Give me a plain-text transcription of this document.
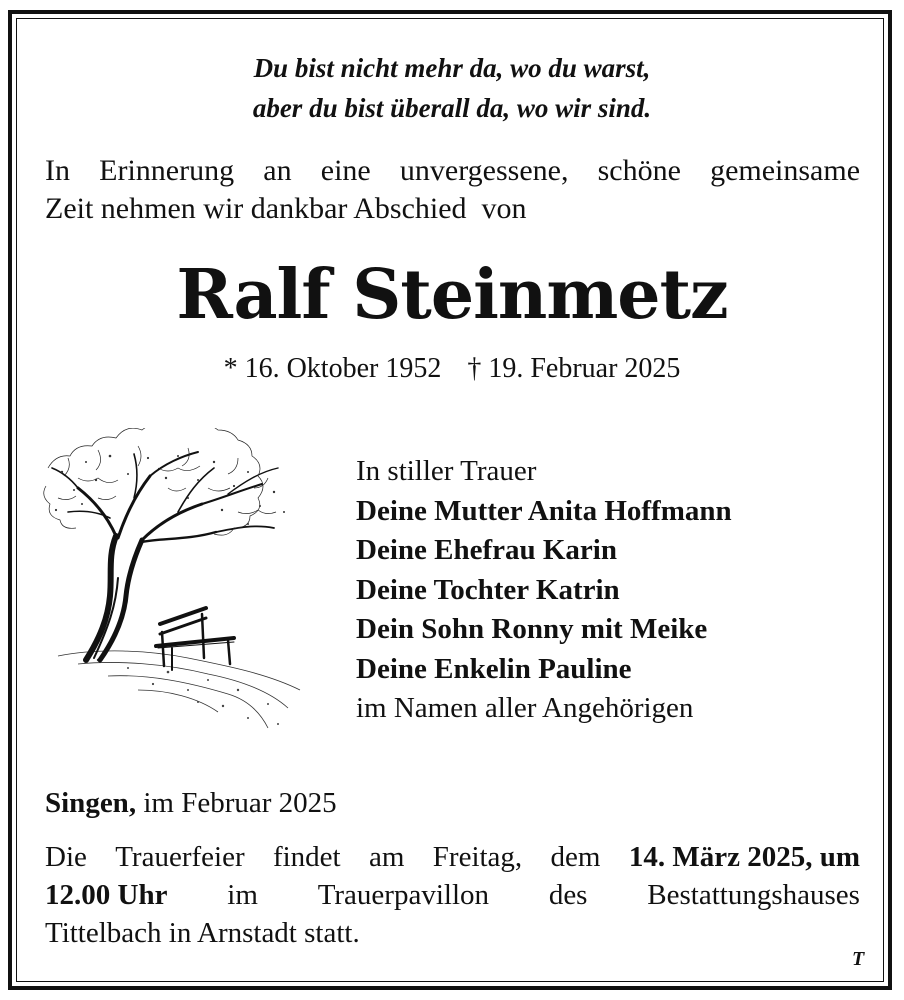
Du bist nicht mehr da, wo du warst,
aber du bist überall da, wo wir sind.
In Erinnerung an eine unvergessene, schöne gemeinsame
Zeit nehmen wir dankbar Abschied  von
Ralf Steinmetz
* 16. Oktober 1952 † 19. Februar 2025
In stiller Trauer
Deine Mutter Anita Hoffmann
Deine Ehefrau Karin
Deine Tochter Katrin
Dein Sohn Ronny mit Meike
Deine Enkelin Pauline
im Namen aller Angehörigen
Singen, im Februar 2025
Die Trauerfeier findet am Freitag, dem 14. März 2025, um
12.00 Uhr im Trauerpavillon des Bestattungshauses
Tittelbach in Arnstadt statt.
T
